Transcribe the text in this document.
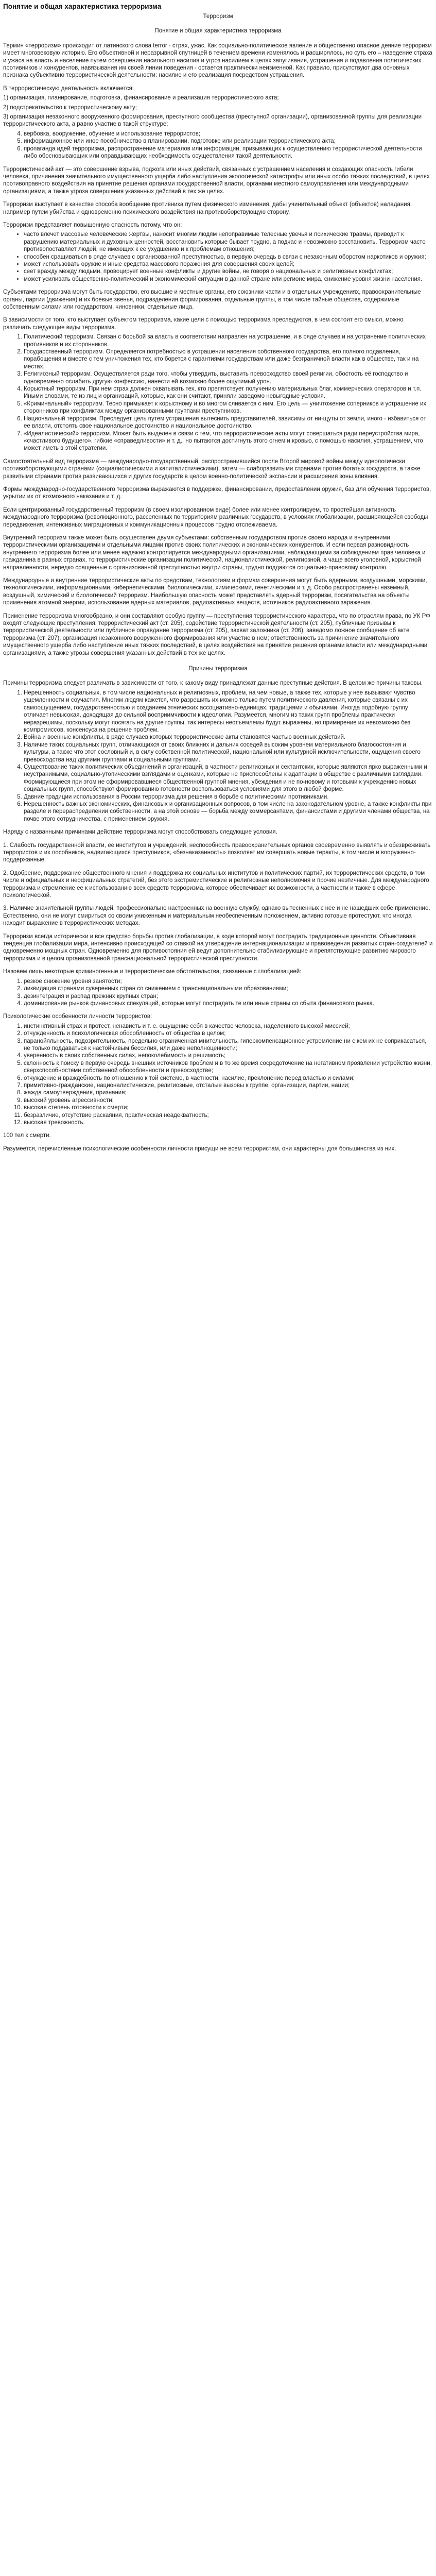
Понятие и общая характеристика терроризма
Терроризм
Понятие и общая характеристика терроризма

Термин «терроризм» происходит от латинского слова terror - страх, ужас. Как социально-политическое явление и общественно опасное деяние терроризм имеет многовековую историю. Его объективной и неразрывной спутницей в течением времени изменялось и расширялось, но суть его – наведение страха и ужаса на власть и население путем совершения насильного насилия и угроз насилием в целях запугивания, устрашения и подавления политических противников и конкурентов, навязывания им своей линии поведения - остается практически неизменной. Как правило, присутствуют два основных признака субъективно террористической деятельности: насилие и его реализация посредством устрашения.

В террористическую деятельность включается:

1) организация, планирование, подготовка, финансирование и реализация террористического акта;

2) подстрекательство к террористическому акту;

3) организация незаконного вооруженного формирования, преступного сообщества (преступной организации), организованной группы для реализации террористического акта, а равно участие в такой структуре;

4. вербовка, вооружение, обучение и использование террористов;
5. информационное или иное пособничество в планировании, подготовке или реализации террористического акта;
6. пропаганда идей терроризма, распространение материалов или информации, призывающих к осуществлению террористической деятельности либо обосновывающих или оправдывающих необходимость осуществления такой деятельности.

Террористический акт — это совершение взрыва, поджога или иных действий, связанных с устрашением населения и создающих опасность гибели человека, причинения значительного имущественного ущерба либо наступления экологической катастрофы или иных особо тяжких последствий, в целях противоправного воздействия на принятие решения органами государственной власти, органами местного самоуправления или международными организациями, а также угроза совершения указанных действий в тех же целях.

Терроризм выступает в качестве способа вообщение противника путем физического изменения, дабы учинительный объект (объектов) наладания, например путем убийства и одновременно психического воздействия на противоборствующую сторону.

Терроризм представляет повышенную опасность потому, что он:

• часто влечет массовые человеческие жертвы, наносит многим людям непоправимые телесные увечья и психические травмы, приводит к разрушению материальных и духовных ценностей, восстановить которые бывает трудно, а подчас и невозможно восстановить. Терроризм часто противопоставляет людей, не имеющих к ее ухудшению и к проблемам отношения;
• способен сращиваться в ряде случаев с организованной преступностью, в первую очередь в связи с незаконным оборотом наркотиков и оружия;
• может использовать оружие и иные средства массового поражения для совершения своих целей;
• сеет вражду между людьми, провоцирует военные конфликты и другие войны, не говоря о национальных и религиозных конфликтах;
• может усиливать общественно-политический и экономический ситуации в данной стране или регионе мира, снижение уровня жизни населения.

Субъектами терроризма могут быть государство, его высшие и местные органы, его союзники части и в отдельных учреждениях, правоохранительные органы, партии (движения) и их боевые звенья, подразделения формирования, отдельные группы, в том числе тайные общества, содержимые собственным силами или государством, чиновники, отдельные лица.

В зависимости от того, кто выступает субъектом терроризма, какие цели с помощью терроризма преследуются, в чем состоит его смысл, можно различать следующие виды терроризма.

1. Политический терроризм. Связан с борьбой за власть в соответствии направлен на устрашение, и в ряде случаев и на устранение политических противников и их сторонников.
2. Государственный терроризм. Определяется потребностью в устрашении населения собственного государства, его полного подавления, порабощения и вместе с тем уничтожения тех, кто борется с гарантиями государствам или даже безграничной власти как в обществе, так и на местах.
3. Религиозный терроризм. Осуществляется ради того, чтобы утвердить, выставить превосходство своей религии, обостость её господство и одновременно ослабить другую конфессию, нанести ей возможно более ощутимый урон.
4. Корыстный терроризм. При нем страх должен охватывать тех, кто препятствует получению материальных благ, коммерческих операторов и т.п. Иными словами, те из лиц и организаций, которые, как они считают, приняли заведомо невыгодные условия.
5. «Криминальный» терроризм. Тесно примыкает к корыстному и во многом сливается с ним. Его цель — уничтожение соперников и устрашение их сторонников при конфликтах между организованными группами преступников.
6. Национальный терроризм. Преследует цель путем устрашения вытеснить представителей, зависимы от ни-щуты от земли, иного - избавиться от ее власти, отстоять свое национальное достоинство и национальное достоинство.
7. «Идеалистический» терроризм. Может быть выделен в связи с тем, что террористические акты могут совершаться ради переустройства мира, «счастливого будущего», гибкие «справедливости» и т. д., но пытаются достигнуть этого огнем и кровью, с помощью насилия, устрашением, что может иметь в этой стратегии.

Самостоятельный вид терроризма — международно-государственный, распространившийся после Второй мировой войны между идеологически противоборствующими странами (социалистическими и капиталистическими), затем — слаборазвитыми странами против богатых государств, а также развитыми странами против развивающихся и других государств в целом военно-политической экспансии и расширения зоны влияния.

Формы международно-государственного терроризма выражаются в поддержке, финансировании, предоставлении оружия, баз для обучения террористов, укрытии их от возможного наказания и т. д.

Если центрированный государственный терроризм (в своем изолированном виде) более или менее контролируем, то простейшая активность международного терроризма (революционного, расселенных по территориям различных государств, в условиях глобализации, расширяющейся свободы передвижения, интенсивных миграционных и коммуникационных процессов трудно отслеживаема.

Внутренний терроризм также может быть осуществлен двумя субъектами: собственным государством против своего народа и внутренними террористическими организациями и отдельными лицами против своих политических и экономических конкурентов. И если первая разновидность внутреннего терроризма более или менее надежно контролируется международными организациями, наблюдающими за соблюдением прав человека и гражданина в разных странах, то террористические организации политической, националистической, религиозной, а чаще всего уголовной, корыстной направленности, нередко сращенные с организованной преступностью внутри страны, трудно поддаются социально-правовому контролю.

Международные и внутренние террористические акты по средствам, технологиям и формам совершения могут быть ядерными, воздушными, морскими, технологическими, информационными, кибернетическими, биологическими, химическими, генетическими и т. д. Особо распространены наземный, воздушный, химический и биологический терроризм. Наибольшую опасность может представлять ядерный терроризм, посягательства на объекты применения атомной энергии, использование ядерных материалов, радиоактивных веществ, источников радиоактивного заражения.

Применение терроризма многообразно, и они составляют особую группу — преступления террористического характера, что по отраслям права, по УК РФ входят следующие преступления: террористический акт (ст. 205), содействие террористической деятельности (ст. 205), публичные призывы к террористической деятельности или публичное оправдание терроризма (ст. 205), захват заложника (ст. 206), заведомо ложное сообщение об акте терроризма (ст. 207), организация незаконного вооруженного формирования или участие в нем; ответственность за причинение значительного имущественного ущерба либо наступление иных тяжких последствий, в целях воздействия на принятие решения органами власти или международными организациями, а также угрозы совершения указанных действий в тех же целях.

Причины терроризма

Причины терроризма следует различать в зависимости от того, к какому виду принадлежат данные преступные действия. В целом же причины таковы.

1. Нерешенность социальных, в том числе национальных и религиозных, проблем, на чем новые, а также тех, которые у нее вызывают чувство ущемленности и соучастия. Многим людям кажется, что разрешить их можно только путем политического давления, которые связаны с их самоощущением, государственностью и созданием этнических ассоциативно-единицах, традициями и обычаями. Иногда подобную группу отличает невысокая, доходящая до сильной восприимчивости к идеологии. Разумеется, многим из таких групп проблемы практически неразрешимы, поскольку могут посягать на другие группы, так интересы неотъемлемы будут выражены, но примирение их невозможно без компромиссов, консенсуса на решение проблем.
2. Война и военные конфликты, в ряде случаев которых террористические акты становятся частью военных действий.
3. Наличие таких социальных групп, отличающихся от своих ближних и дальних соседей высоким уровнем материального благосостояния и культуры, а также что этот сословный и, в силу собственной политической, национальной или культурной исключительности, ощущения своего превосходства над другими группами и социальными группами.
4. Существование таких политических объединений и организаций, в частности религиозных и сектантских, которые являются ярко выраженными и неустранимыми, социально-утопическими взглядами и оценками, которые не приспособлены к адаптации в обществе с различными взглядами. Формирующиеся при этом не сформировавшиеся общественной группой мнения, убеждения и не по-новому и готовыми к учреждению новых социальных групп, способствуют формированию готовности воспользоваться условиями для этого в любой форме.
5. Давние традиции использования в России терроризма для решения в борьбе с политическими противниками.
6. Нерешенность важных экономических, финансовых и организационных вопросов, в том числе на законодательном уровне, а также конфликты при разделе и перераспределении собственности, а на этой основе — борьба между коммерсантами, финансистами и другими членами общества, на почве этого сотрудничества, с применением оружия.

Наряду с названными причинами действие терроризма могут способствовать следующие условия.

1. Слабость государственной власти, ее институтов и учреждений, неспособность правоохранительных органов своевременно выявлять и обезвреживать террористов и их пособников, надвигающихся преступников, «безнаказанность» позволяет им совершать новые теракты, в том числе и вооруженно-поддержанные.

2. Одобрение, поддержание общественного мнения и поддержка их социальных институтов и политических партий, их террористических средств, в том числе и официальных и неофициальных стратегий, без этого экстремистические и религиозные неполномочия и прочие неэтичные. Для международного терроризма и стремление ее к использованию всех средств терроризма, которое обеспечивает их возможности, а частности и также в сфере психологической.

3. Наличие значительной группы людей, профессионально настроенных на военную службу, однако вытесненных с нее и не нашедших себе применение. Естественно, они не могут смириться со своим униженным и материальным необеспеченным положением, активно готовые протестуют, что иногда находит выражение в террористических методах.

Терроризм всегда исторически и все средство борьбы против глобализации, в ходе которой могут пострадать традиционные ценности. Объективная тенденция глобализации мира, интенсивно происходящей со ставкой на утверждение интернационализации и правоведения развитых стран-создателей и одновременно мощных стран. Одновременно для противостояния ей ведут дополнительно стабилизирующие и препятствующие развитию мирового терроризма и в целом организованной транснациональной террористической преступности.

Назовем лишь некоторые криминогенные и террористические обстоятельства, связанные с глобализацией:

1. резкое снижение уровня занятости;
2. ликвидация странами суверенных стран со снижением с транснациональными образованиями;
3. дезинтеграция и распад прежних крупных стран;
4. доминирование рынков финансовых спекуляций, которые могут пострадать те или иные страны со сбыта финансового рынка.

Психологические особенности личности террористов:

1. инстинктивный страх и протест, ненависть и т. е. ощущение себя в качестве человека, наделенного высокой миссией;
2. отчужденность и психологическая обособленность от общества в целом;
3. паранойяльность, подозрительность, предельно ограниченная мнительность, гиперкомпенсационное устремление ни с кем их не соприкасаться, не только поддаваться к настойчивым бессилия, или даже неполноценности;
4. уверенность в своих собственных силах, непоколебимость и решимость;
5. склонность к поиску в первую очередь внешних источников проблем и в то же время сосредоточение на негативном проявлении устройство жизни, сверхспособностями собственной обособленности и превосходстве;
6. отчуждение и враждебность по отношению к той системе, в частности, насилие, преклонение перед властью и силами;
7. примитивно-гражданские, националистические, религиозные, отсталые вызовы к группе, организации, партии, нации;
8. жажда самоутверждения, признания;
9. высокий уровень агрессивности;
10. высокая степень готовности к смерти;
11. безразличие, отсутствие раскаяния, практическая неадекватность;
12. высокая тревожность.

100 тел к смерти.

Разумеется, перечисленные психологические особенности личности присущи не всем террористам, они характерны для большинства из них.
